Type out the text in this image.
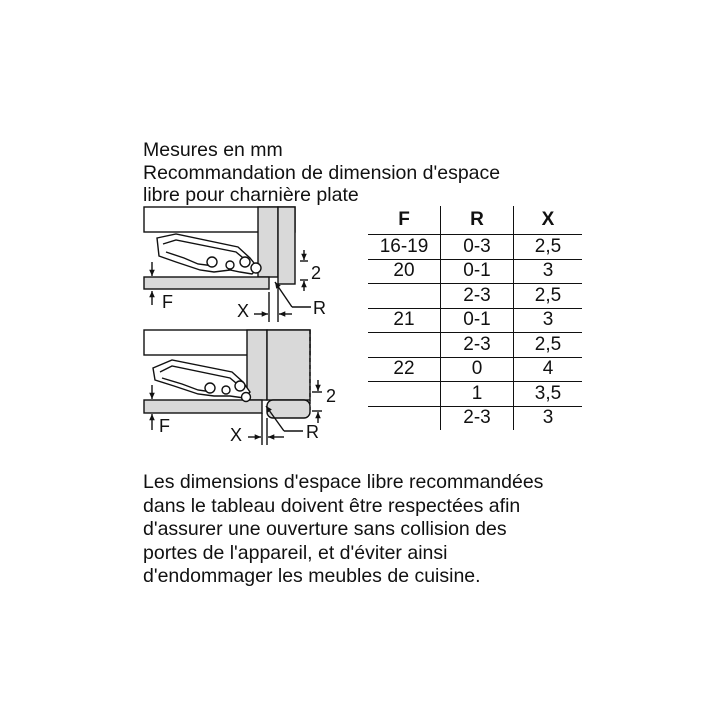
Mesures en mm
Recommandation de dimension d'espace
libre pour charnière plate
2
F	X	R
2
F	X	R
F	R	X
16-19	0-3	2,5
20	0-1	3
	2-3	2,5
21	0-1	3
	2-3	2,5
22	0	4
	1	3,5
	2-3	3
Les dimensions d'espace libre recommandées
dans le tableau doivent être respectées afin
d'assurer une ouverture sans collision des
portes de l'appareil, et d'éviter ainsi
d'endommager les meubles de cuisine.
